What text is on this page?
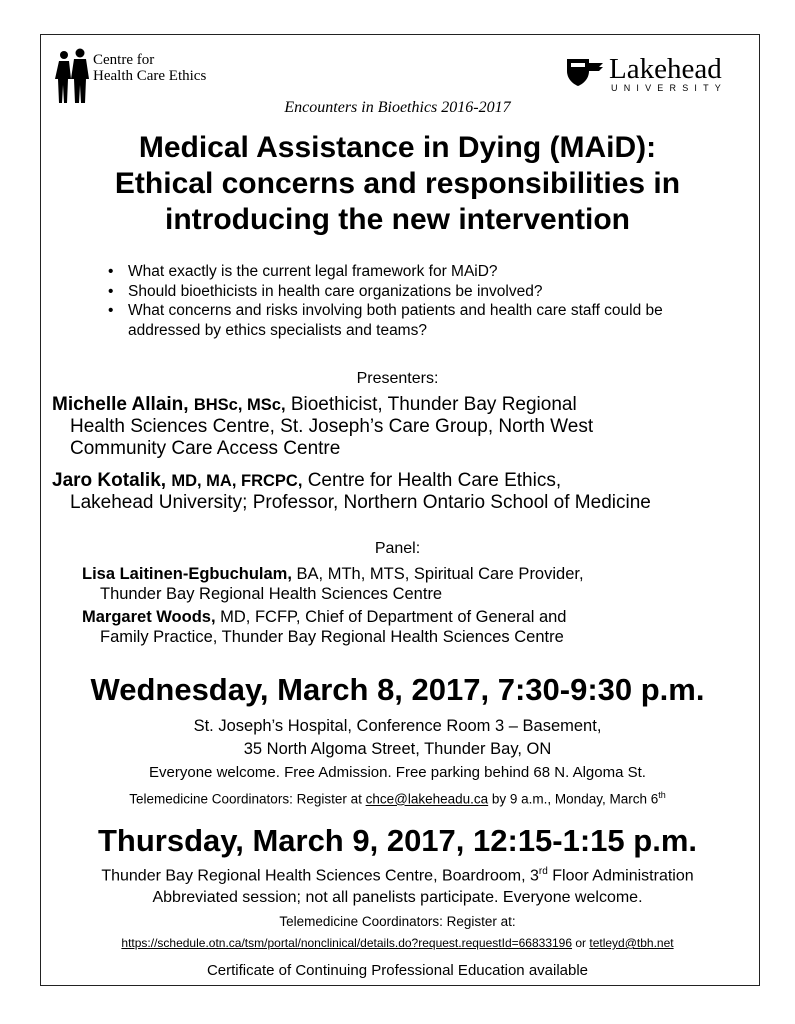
Centre for
Health Care Ethics	Lakehead
UNIVERSITY
Encounters in Bioethics 2016-2017
Medical Assistance in Dying (MAiD):
Ethical concerns and responsibilities in
introducing the new intervention
• What exactly is the current legal framework for MAiD?
• Should bioethicists in health care organizations be involved?
• What concerns and risks involving both patients and health care staff could be addressed by ethics specialists and teams?
Presenters:
Michelle Allain, BHSc, MSc, Bioethicist, Thunder Bay Regional
Health Sciences Centre, St. Joseph’s Care Group, North West
Community Care Access Centre
Jaro Kotalik, MD, MA, FRCPC, Centre for Health Care Ethics,
Lakehead University; Professor, Northern Ontario School of Medicine
Panel:
Lisa Laitinen-Egbuchulam, BA, MTh, MTS, Spiritual Care Provider,
Thunder Bay Regional Health Sciences Centre
Margaret Woods, MD, FCFP, Chief of Department of General and
Family Practice, Thunder Bay Regional Health Sciences Centre
Wednesday, March 8, 2017, 7:30-9:30 p.m.
St. Joseph’s Hospital, Conference Room 3 – Basement,
35 North Algoma Street, Thunder Bay, ON
Everyone welcome. Free Admission. Free parking behind 68 N. Algoma St.
Telemedicine Coordinators: Register at chce@lakeheadu.ca by 9 a.m., Monday, March 6th
Thursday, March 9, 2017, 12:15-1:15 p.m.
Thunder Bay Regional Health Sciences Centre, Boardroom, 3rd Floor Administration
Abbreviated session; not all panelists participate. Everyone welcome.
Telemedicine Coordinators: Register at:
https://schedule.otn.ca/tsm/portal/nonclinical/details.do?request.requestId=66833196 or tetleyd@tbh.net
Certificate of Continuing Professional Education available
